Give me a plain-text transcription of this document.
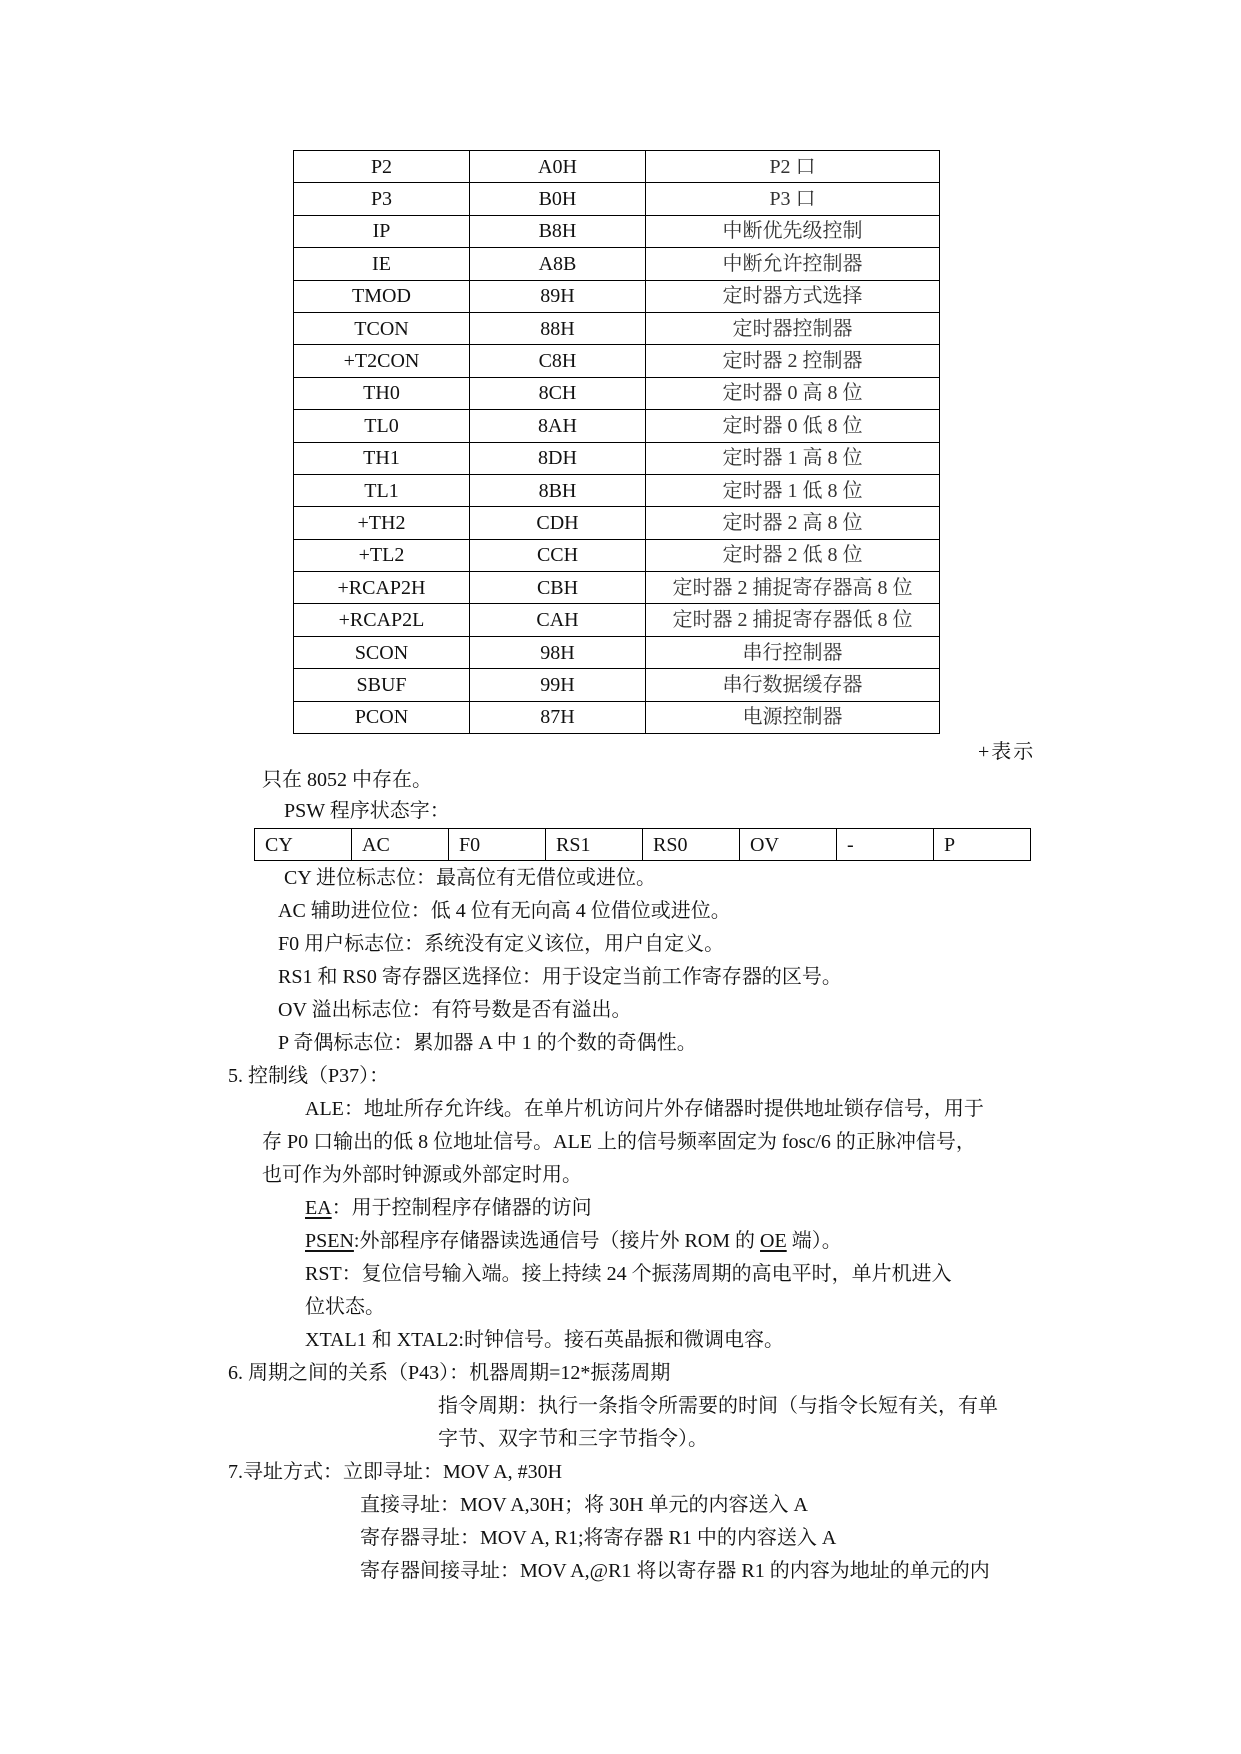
P2	A0H	P2 口
P3	B0H	P3 口
IP	B8H	中断优先级控制
IE	A8B	中断允许控制器
TMOD	89H	定时器方式选择
TCON	88H	定时器控制器
+T2CON	C8H	定时器 2 控制器
TH0	8CH	定时器 0 高 8 位
TL0	8AH	定时器 0 低 8 位
TH1	8DH	定时器 1 高 8 位
TL1	8BH	定时器 1 低 8 位
+TH2	CDH	定时器 2 高 8 位
+TL2	CCH	定时器 2 低 8 位
+RCAP2H	CBH	定时器 2 捕捉寄存器高 8 位
+RCAP2L	CAH	定时器 2 捕捉寄存器低 8 位
SCON	98H	串行控制器
SBUF	99H	串行数据缓存器
PCON	87H	电源控制器
+表示
只在 8052 中存在。
PSW 程序状态字：
CY	AC	F0	RS1	RS0	OV	-	P
CY 进位标志位：最高位有无借位或进位。
AC 辅助进位位：低 4 位有无向高 4 位借位或进位。
F0 用户标志位：系统没有定义该位，用户自定义。
RS1 和 RS0 寄存器区选择位：用于设定当前工作寄存器的区号。
OV 溢出标志位：有符号数是否有溢出。
P 奇偶标志位：累加器 A 中 1 的个数的奇偶性。
5. 控制线（P37）：
ALE：地址所存允许线。在单片机访问片外存储器时提供地址锁存信号，用于
存 P0 口输出的低 8 位地址信号。ALE 上的信号频率固定为 fosc/6 的正脉冲信号，
也可作为外部时钟源或外部定时用。
EA：用于控制程序存储器的访问
PSEN:外部程序存储器读选通信号（接片外 ROM 的 OE 端）。
RST：复位信号输入端。接上持续 24 个振荡周期的高电平时，单片机进入
位状态。
XTAL1 和 XTAL2:时钟信号。接石英晶振和微调电容。
6. 周期之间的关系（P43）：机器周期=12*振荡周期
指令周期：执行一条指令所需要的时间（与指令长短有关，有单
字节、双字节和三字节指令）。
7.寻址方式：立即寻址：MOV A, #30H
直接寻址：MOV A,30H；将 30H 单元的内容送入 A
寄存器寻址：MOV A, R1;将寄存器 R1 中的内容送入 A
寄存器间接寻址：MOV A,@R1 将以寄存器 R1 的内容为地址的单元的内
